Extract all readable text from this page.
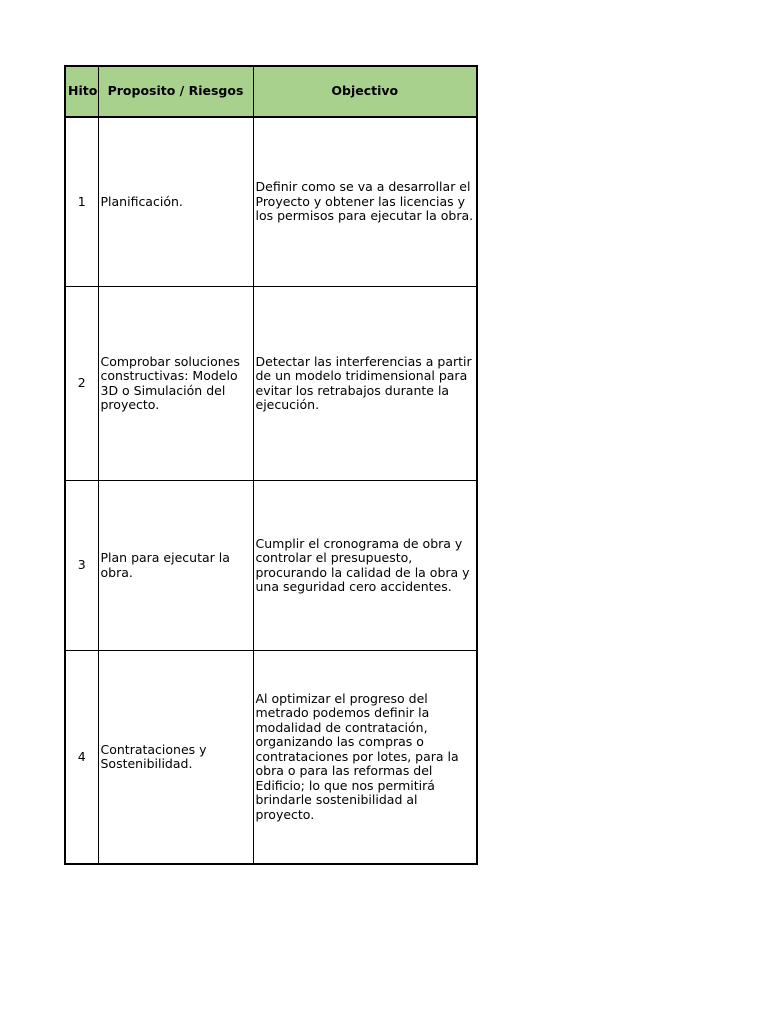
Hito	Proposito / Riesgos	Objectivo
1	Planificación.	Definir como se va a desarrollar el Proyecto y obtener las licencias y los permisos para ejecutar la obra.
2	Comprobar soluciones constructivas: Modelo 3D o Simulación del proyecto.	Detectar las interferencias a partir de un modelo tridimensional para evitar los retrabajos durante la ejecución.
3	Plan para ejecutar la obra.	Cumplir el cronograma de obra y controlar el presupuesto, procurando la calidad de la obra y una seguridad cero accidentes.
4	Contrataciones y Sostenibilidad.	Al optimizar el progreso del metrado podemos definir la modalidad de contratación, organizando las compras o contrataciones por lotes, para la obra o para las reformas del Edificio; lo que nos permitirá brindarle sostenibilidad al proyecto.
